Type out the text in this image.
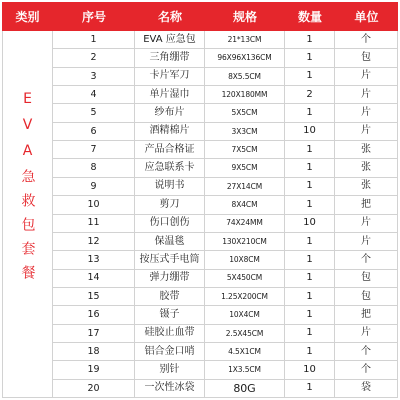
类别	序号	名称	规格	数量	单位
EVA急救包套餐
1	EVA 应急包	21*13CM	1	个
2	三角绷带	96X96X136CM	1	包
3	卡片军刀	8X5.5CM	1	片
4	单片湿巾	120X180MM	2	片
5	纱布片	5X5CM	1	片
6	酒精棉片	3X3CM	10	片
7	产品合格证	7X5CM	1	张
8	应急联系卡	9X5CM	1	张
9	说明书	27X14CM	1	张
10	剪刀	8X4CM	1	把
11	伤口创伤	74X24MM	10	片
12	保温毯	130X210CM	1	片
13	按压式手电筒	10X8CM	1	个
14	弹力绷带	5X450CM	1	包
15	胶带	1.25X200CM	1	包
16	镊子	10X4CM	1	把
17	硅胶止血带	2.5X45CM	1	片
18	铝合金口哨	4.5X1CM	1	个
19	别针	1X3.5CM	10	个
20	一次性冰袋	80G	1	袋
